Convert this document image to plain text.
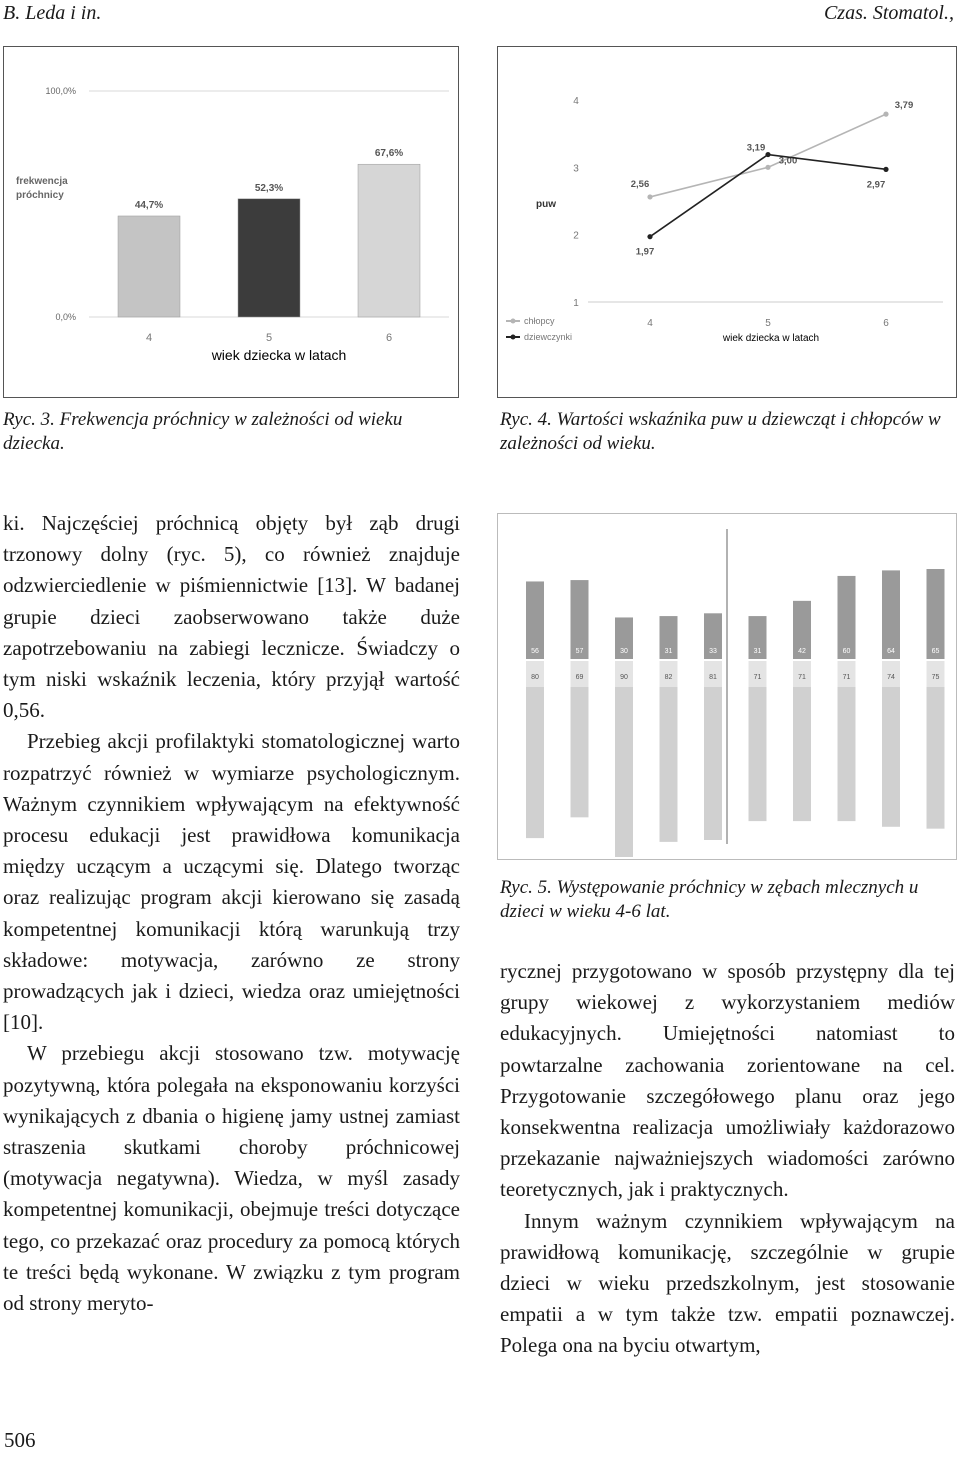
B. Leda i in.	Czas. Stomatol.,
44,7%
4
52,3%
5
67,6%
6
frekwencja
próchnicy
100,0%
0,0%
wiek dziecka w latach
Ryc. 3. Frekwencja próchnicy w zależności od wieku dziecka.
1
2
3
4
4	5	6
2,56
3,00
3,79
1,97
3,19
2,97
puw
wiek dziecka w latach
chłopcy
dziewczynki
Ryc. 4. Wartości wskaźnika puw u dziewcząt i chłopców w zależności od wieku.
56
80
57
69
30
90
31
82
33
81
31
71
42
71
60
71
64
74
65
75
Ryc. 5. Występowanie próchnicy w zębach mlecznych u dzieci w wieku 4-6 lat.

ki. Najczęściej próchnicą objęty był ząb drugi trzonowy dolny (ryc. 5), co również znajduje odzwierciedlenie w piśmiennictwie [13]. W badanej grupie dzieci zaobserwowano także duże zapotrzebowaniu na zabiegi lecznicze. Świadczy o tym niski wskaźnik leczenia, który przyjął wartość 0,56.

Przebieg akcji profilaktyki stomatologicznej warto rozpatrzyć również w wymiarze psychologicznym. Ważnym czynnikiem wpływającym na efektywność procesu edukacji jest prawidłowa komunikacja między uczącym a uczącymi się. Dlatego tworząc oraz realizując program akcji kierowano się zasadą kompetentnej komunikacji którą warunkują trzy składowe: motywacja, zarówno ze strony prowadzących jak i dzieci, wiedza oraz umiejętności [10].

W przebiegu akcji stosowano tzw. motywację pozytywną, która polegała na eksponowaniu korzyści wynikających z dbania o higienę jamy ustnej zamiast straszenia skutkami choroby próchnicowej (motywacja negatywna). Wiedza, w myśl zasady kompetentnej komunikacji, obejmuje treści dotyczące tego, co przekazać oraz procedury za pomocą których te treści będą wykonane. W związku z tym program od strony meryto-

rycznej przygotowano w sposób przystępny dla tej grupy wiekowej z wykorzystaniem mediów edukacyjnych. Umiejętności natomiast to powtarzalne zachowania zorientowane na cel. Przygotowanie szczegółowego planu oraz jego konsekwentna realizacja umożliwiały każdorazowo przekazanie najważniejszych wiadomości zarówno teoretycznych, jak i praktycznych.

Innym ważnym czynnikiem wpływającym na prawidłową komunikację, szczególnie w grupie dzieci w wieku przedszkolnym, jest stosowanie empatii a w tym także tzw. empatii poznawczej. Polega ona na byciu otwartym,

506
